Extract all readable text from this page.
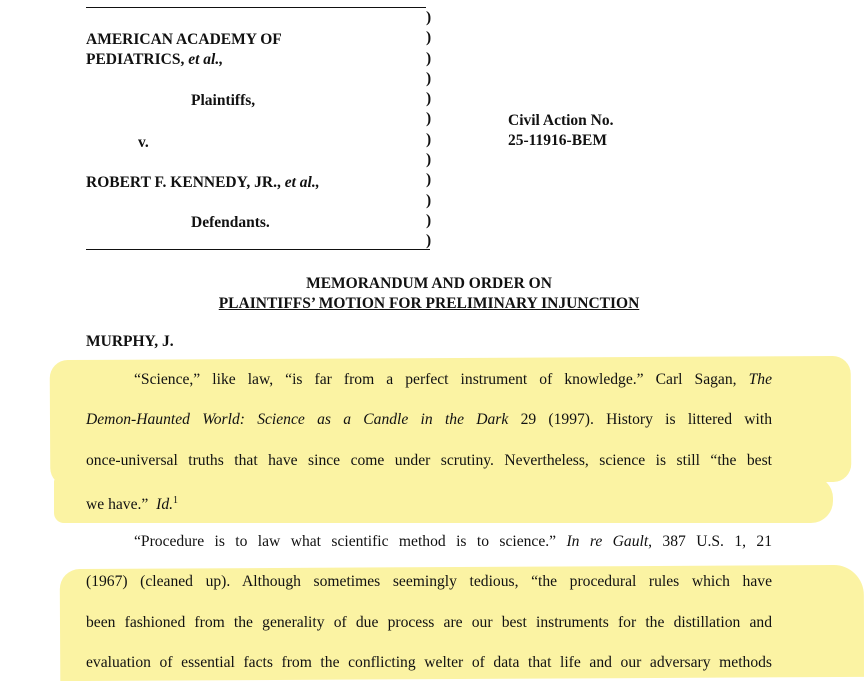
AMERICAN ACADEMY OF
PEDIATRICS, et al.,
Plaintiffs,
v.
ROBERT F. KENNEDY, JR., et al.,
Defendants.
)
)
)
)
)
)
)
)
)
)
)
)
Civil Action No.
25-11916-BEM
MEMORANDUM AND ORDER ON
PLAINTIFFS’ MOTION FOR PRELIMINARY INJUNCTION
MURPHY, J.
“Science,” like law, “is far from a perfect instrument of knowledge.” Carl Sagan, The
Demon-Haunted World: Science as a Candle in the Dark 29 (1997). History is littered with
once-universal truths that have since come under scrutiny. Nevertheless, science is still “the best
we have.” Id.$^1$
“Procedure is to law what scientific method is to science.” In re Gault, 387 U.S. 1, 21
(1967) (cleaned up). Although sometimes seemingly tedious, “the procedural rules which have
been fashioned from the generality of due process are our best instruments for the distillation and
evaluation of essential facts from the conflicting welter of data that life and our adversary methods
